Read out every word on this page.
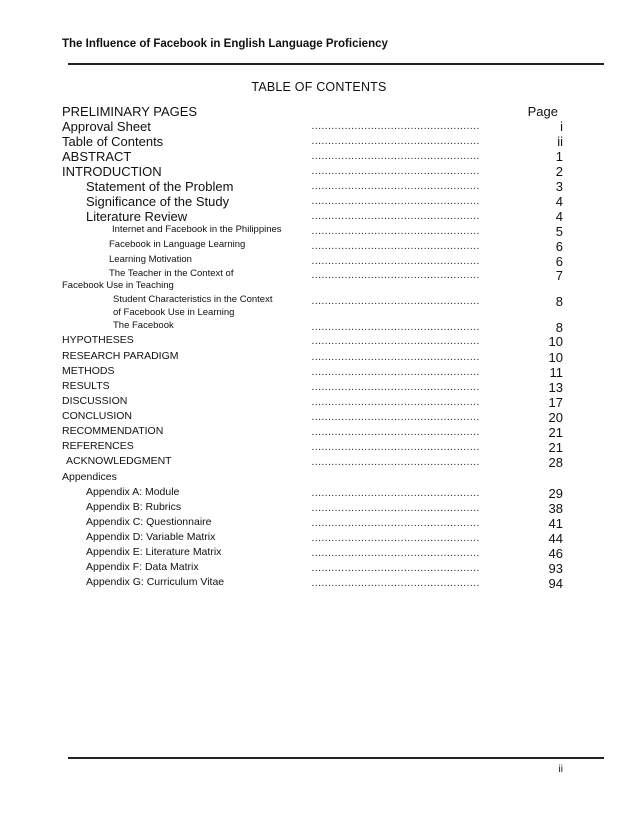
The Influence of Facebook in English Language Proficiency
TABLE OF CONTENTS
PRELIMINARY PAGES	Page
Approval Sheet	……………………………………………	i
Table of Contents	……………………………………………	ii
ABSTRACT	……………………………………………	1
INTRODUCTION	……………………………………………	2
Statement of the Problem	……………………………………………	3
Significance of the Study	……………………………………………	4
Literature Review	……………………………………………	4
Internet and Facebook in the Philippines	……………………………………………	5
Facebook in Language Learning	……………………………………………	6
Learning Motivation	……………………………………………	6
The Teacher in the Context of
Facebook Use in Teaching
……………………………………………	7
Student Characteristics in the Context
of Facebook Use in Learning
……………………………………………	8
The Facebook	……………………………………………	8
HYPOTHESES	……………………………………………	10
RESEARCH PARADIGM	……………………………………………	10
METHODS	……………………………………………	11
RESULTS	……………………………………………	13
DISCUSSION	……………………………………………	17
CONCLUSION	……………………………………………	20
RECOMMENDATION	……………………………………………	21
REFERENCES	……………………………………………	21
ACKNOWLEDGMENT	……………………………………………	28
Appendices
Appendix A: Module	……………………………………………	29
Appendix B: Rubrics	……………………………………………	38
Appendix C: Questionnaire	……………………………………………	41
Appendix D: Variable Matrix	……………………………………………	44
Appendix E: Literature Matrix	……………………………………………	46
Appendix F: Data Matrix	……………………………………………	93
Appendix G: Curriculum Vitae	……………………………………………	94
ii
